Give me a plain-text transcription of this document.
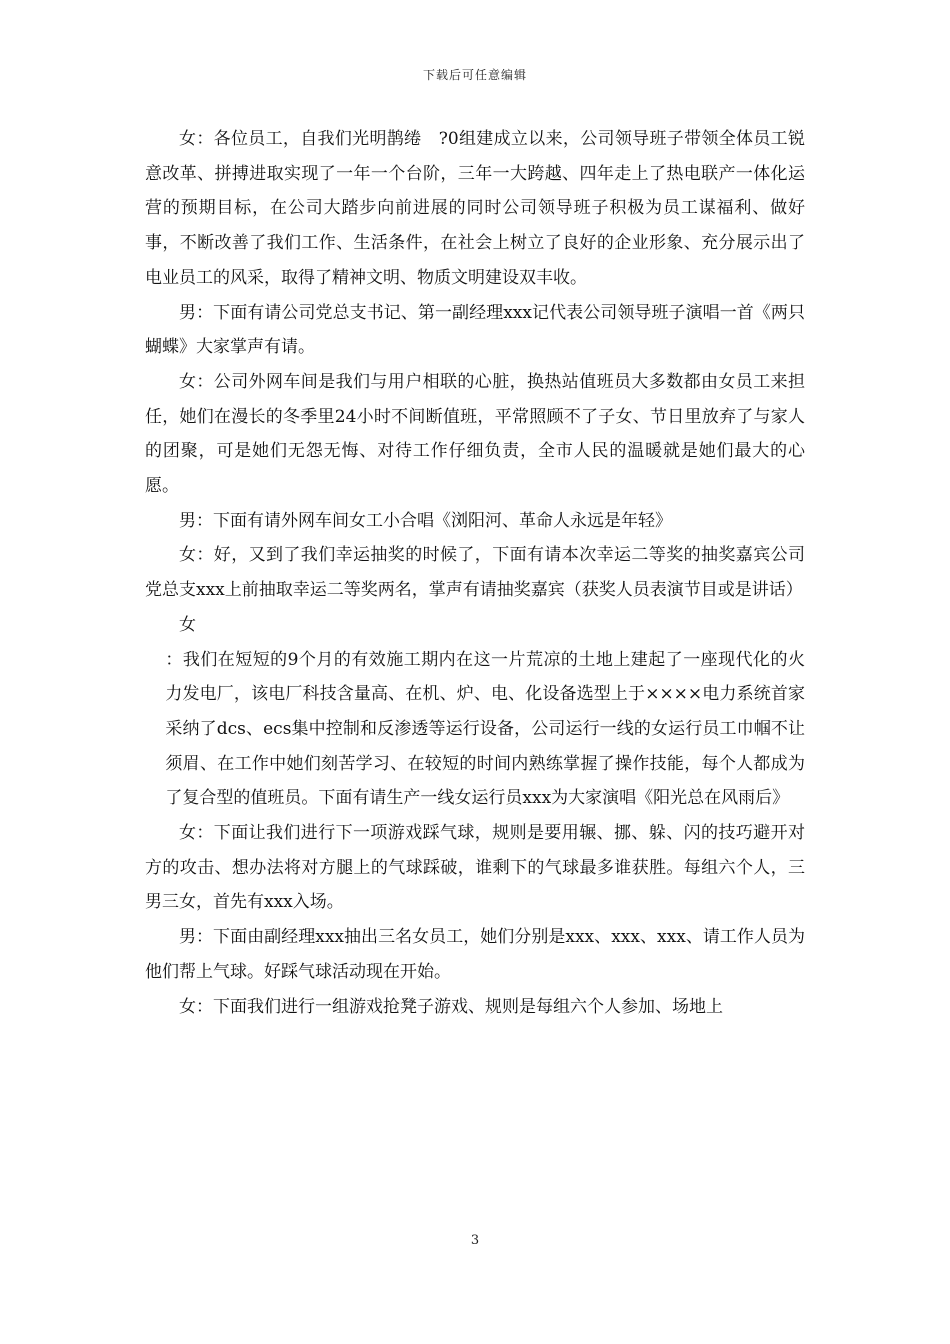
下载后可任意编辑

女：各位员工，自我们光明鹊绻　?0组建成立以来，公司领导班子带领全体员工锐意改革、拼搏进取实现了一年一个台阶，三年一大跨越、四年走上了热电联产一体化运营的预期目标，在公司大踏步向前进展的同时公司领导班子积极为员工谋福利、做好事，不断改善了我们工作、生活条件，在社会上树立了良好的企业形象、充分展示出了电业员工的风采，取得了精神文明、物质文明建设双丰收。

男：下面有请公司党总支书记、第一副经理xxx记代表公司领导班子演唱一首《两只蝴蝶》大家掌声有请。

女：公司外网车间是我们与用户相联的心脏，换热站值班员大多数都由女员工来担任，她们在漫长的冬季里24小时不间断值班，平常照顾不了子女、节日里放弃了与家人的团聚，可是她们无怨无悔、对待工作仔细负责，全市人民的温暖就是她们最大的心愿。

男：下面有请外网车间女工小合唱《浏阳河、革命人永远是年轻》

女：好，又到了我们幸运抽奖的时候了，下面有请本次幸运二等奖的抽奖嘉宾公司党总支xxx上前抽取幸运二等奖两名，掌声有请抽奖嘉宾（获奖人员表演节目或是讲话）

女

：我们在短短的9个月的有效施工期内在这一片荒凉的土地上建起了一座现代化的火力发电厂，该电厂科技含量高、在机、炉、电、化设备选型上于××××电力系统首家采纳了dcs、ecs集中控制和反渗透等运行设备，公司运行一线的女运行员工巾帼不让须眉、在工作中她们刻苦学习、在较短的时间内熟练掌握了操作技能，每个人都成为了复合型的值班员。下面有请生产一线女运行员xxx为大家演唱《阳光总在风雨后》

女：下面让我们进行下一项游戏踩气球，规则是要用辗、挪、躲、闪的技巧避开对方的攻击、想办法将对方腿上的气球踩破，谁剩下的气球最多谁获胜。每组六个人，三男三女，首先有xxx入场。

男：下面由副经理xxx抽出三名女员工，她们分别是xxx、xxx、xxx、请工作人员为他们帮上气球。好踩气球活动现在开始。

女：下面我们进行一组游戏抢凳子游戏、规则是每组六个人参加、场地上

3
